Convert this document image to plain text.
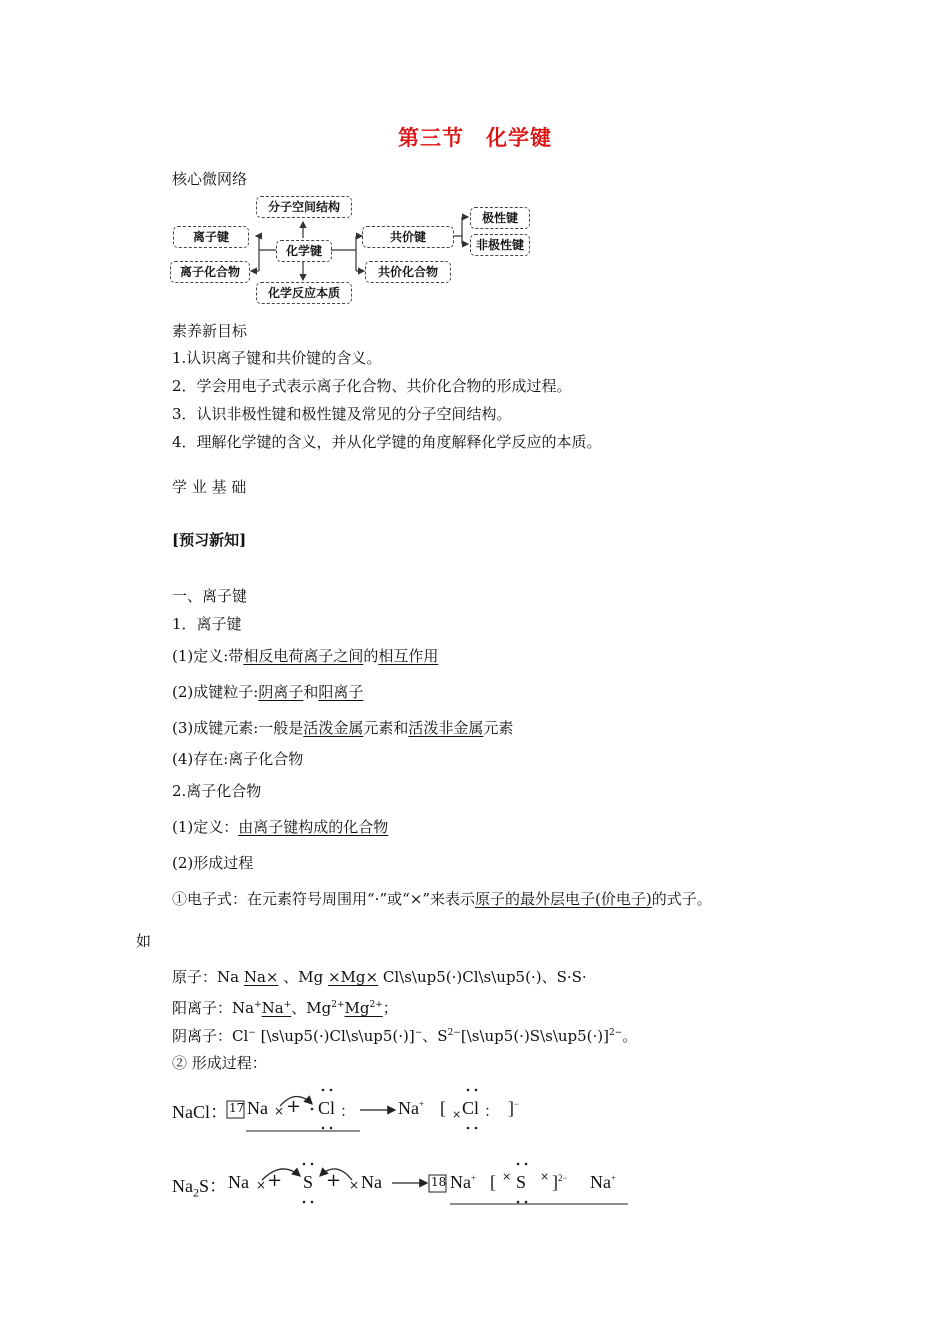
第三节　化学键
核心微网络
分子空间结构
离子键
离子化合物
化学键
共价键
共价化合物
极性键
非极性键
化学反应本质
素养新目标
1.认识离子键和共价键的含义。
2．学会用电子式表示离子化合物、共价化合物的形成过程。
3．认识非极性键和极性键及常见的分子空间结构。
4．理解化学键的含义，并从化学键的角度解释化学反应的本质。
学 业 基 础
[预习新知]
一、离子键
1．离子键
(1)定义:带相反电荷离子之间的相互作用
(2)成键粒子:阴离子和阳离子
(3)成键元素:一般是活泼金属元素和活泼非金属元素
(4)存在:离子化合物
2.离子化合物
(1)定义：由离子键构成的化合物
(2)形成过程
①电子式：在元素符号周围用“·”或“×”来表示原子的最外层电子(价电子)的式子。
如
原子：Na Na× 、Mg ×Mg× Cl\s\up5(·)Cl\s\up5(·)、S·S·
阳离子：Na+Na+、$Mg^{2+}Mg^{2+}$；
阴离子：Cl− [\s\up5(·)Cl\s\up5(·)]−、$S^{2-}[\backslash s\backslash up5(\cdot)S\backslash s\backslash up5(\cdot)]^{2-}$。
② 形成过程：
NaCl： 17 Na × + Cl ： Na+ [ × Cl ： ]−
$Na_2S$： Na × + S + × Na	18 Na+ [ × S × ]$^{2-}$ Na+
